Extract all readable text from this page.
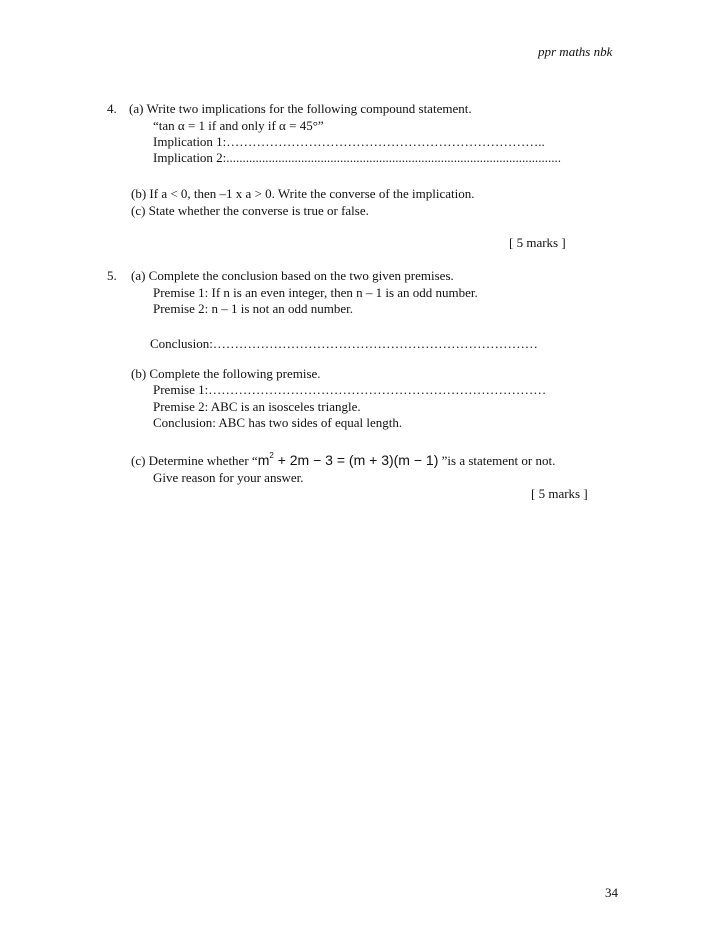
ppr maths nbk
4. (a) Write two implications for the following compound statement.
“tan α = 1 if and only if α = 45°”
Implication 1:………………………………………………………………..
Implication 2:.......................................................................................................
(b) If a < 0, then –1 x a > 0. Write the converse of the implication.
(c) State whether the converse is true or false.
[ 5 marks ]
5. (a) Complete the conclusion based on the two given premises.
Premise 1: If n is an even integer, then n – 1 is an odd number.
Premise 2: n – 1 is not an odd number.
Conclusion:…………………………………………………………………
(b) Complete the following premise.
Premise 1:……………………………………………………………………
Premise 2: ABC is an isosceles triangle.
Conclusion: ABC has two sides of equal length.
(c) Determine whether “$m^2 + 2m - 3 = (m + 3)(m - 1)$ ”is a statement or not.
Give reason for your answer.
[ 5 marks ]
34
